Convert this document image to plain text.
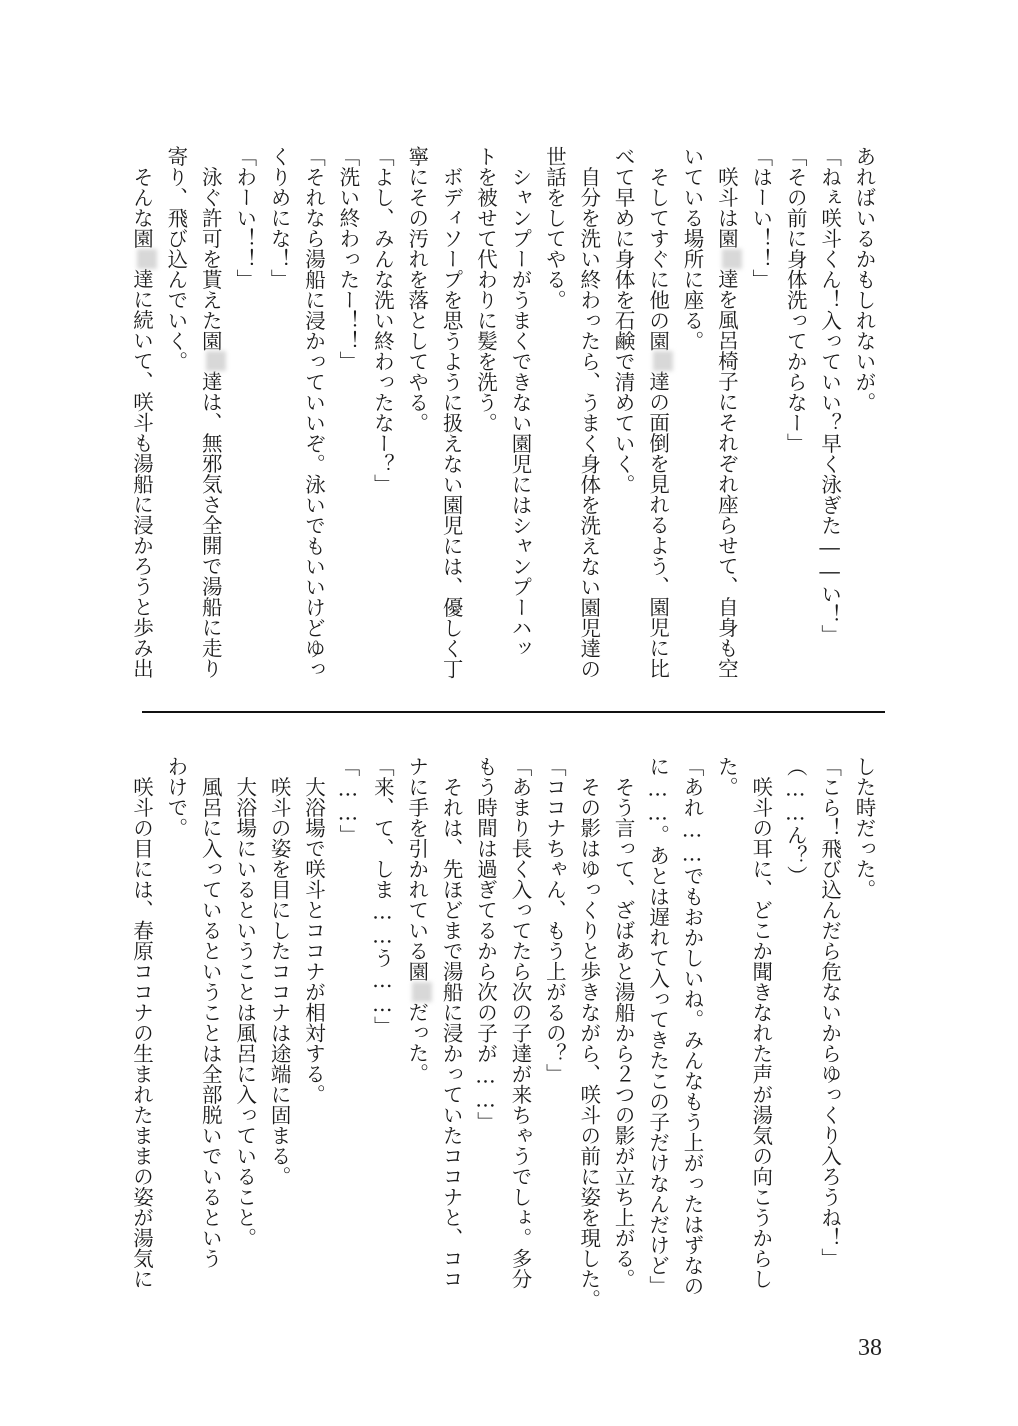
あればいるかもしれないが。
「ねぇ咲斗くん！入っていい？早く泳ぎた――い！」
「その前に身体洗ってからなー」
「はーい！！」
　咲斗は園達を風呂椅子にそれぞれ座らせて、自身も空
いている場所に座る。
　そしてすぐに他の園達の面倒を見れるよう、園児に比
べて早めに身体を石鹸で清めていく。
　自分を洗い終わったら、うまく身体を洗えない園児達の
世話をしてやる。
　シャンプーがうまくできない園児にはシャンプーハッ
トを被せて代わりに髪を洗う。
　ボディソープを思うように扱えない園児には、優しく丁
寧にその汚れを落としてやる。
「よし、みんな洗い終わったなー？」
「洗い終わったー！！」
「それなら湯船に浸かっていいぞ。泳いでもいいけどゆっ
くりめにな！」
「わーい！！」
　泳ぐ許可を貰えた園達は、無邪気さ全開で湯船に走り
寄り、飛び込んでいく。
　そんな園達に続いて、咲斗も湯船に浸かろうと歩み出
した時だった。
「こら！飛び込んだら危ないからゆっくり入ろうね！」
（……ん？）
　咲斗の耳に、どこか聞きなれた声が湯気の向こうからし
た。
「あれ……でもおかしいね。みんなもう上がったはずなの
に……。あとは遅れて入ってきたこの子だけなんだけど」
　そう言って、ざばあと湯船から２つの影が立ち上がる。
　その影はゆっくりと歩きながら、咲斗の前に姿を現した。
「ココナちゃん、もう上がるの？」
「あまり長く入ってたら次の子達が来ちゃうでしょ。多分
もう時間は過ぎてるから次の子が……」
　それは、先ほどまで湯船に浸かっていたココナと、ココ
ナに手を引かれている園だった。
「来、て、しま……う……」
「……」
　大浴場で咲斗とココナが相対する。
　咲斗の姿を目にしたココナは途端に固まる。
　大浴場にいるということは風呂に入っていること。
　風呂に入っているということは全部脱いでいるという
わけで。
　咲斗の目には、春原ココナの生まれたままの姿が湯気に
38
